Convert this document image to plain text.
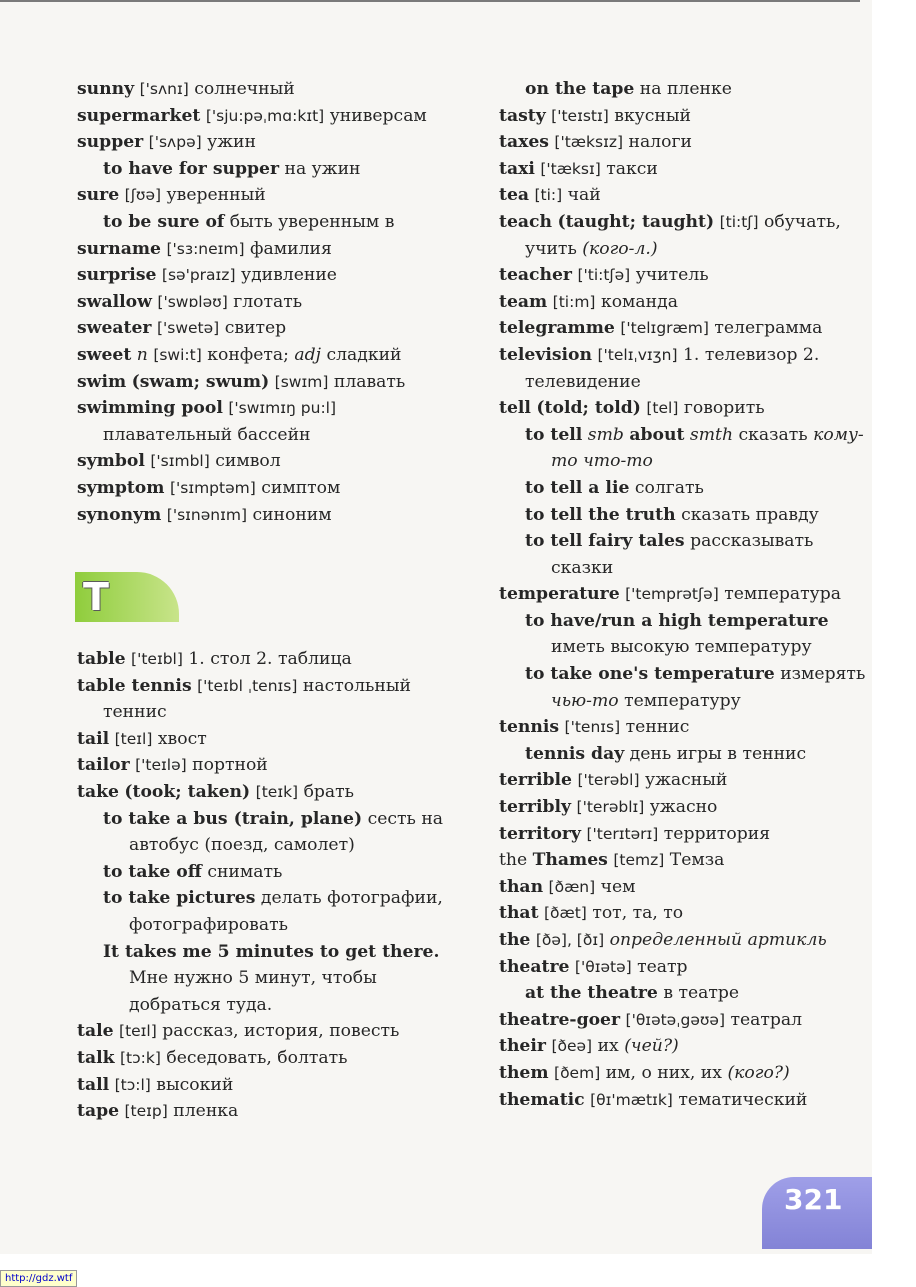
sunny ['sʌnɪ] солнечный

supermarket ['sju:pəˌmɑ:kɪt] универсам

supper ['sʌpə] ужин

to have for supper на ужин

sure [ʃʊə] уверенный

to be sure of быть уверенным в

surname ['sɜ:neɪm] фамилия

surprise [sə'praɪz] удивление

swallow ['swɒləʊ] глотать

sweater ['swetə] свитер

sweet n [swi:t] конфета; adj сладкий

swim (swam; swum) [swɪm] плавать

swimming pool ['swɪmɪŋ pu:l] плавательный бассейн

symbol ['sɪmbl] символ

symptom ['sɪmptəm] симптом

synonym ['sɪnənɪm] синоним

T

table ['teɪbl] 1. стол 2. таблица

table tennis ['teɪbl ˌtenɪs] настольный теннис

tail [teɪl] хвост

tailor ['teɪlə] портной

take (took; taken) [teɪk] брать

to take a bus (train, plane) сесть на автобус (поезд, самолет)

to take off снимать

to take pictures делать фотографии, фотографировать

It takes me 5 minutes to get there. Мне нужно 5 минут, чтобы добраться туда.

tale [teɪl] рассказ, история, повесть

talk [tɔ:k] беседовать, болтать

tall [tɔ:l] высокий

tape [teɪp] пленка

on the tape на пленке

tasty ['teɪstɪ] вкусный

taxes ['tæksɪz] налоги

taxi ['tæksɪ] такси

tea [ti:] чай

teach (taught; taught) [ti:tʃ] обучать, учить (кого-л.)

teacher ['ti:tʃə] учитель

team [ti:m] команда

telegramme ['telɪgræm] телеграмма

television ['telɪˌvɪʒn] 1. телевизор 2. телевидение

tell (told; told) [tel] говорить

to tell smb about smth сказать кому-то что-то

to tell a lie солгать

to tell the truth сказать правду

to tell fairy tales рассказывать сказки

temperature ['temprətʃə] температура

to have/run a high temperature иметь высокую температуру

to take one's temperature измерять чью-то температуру

tennis ['tenɪs] теннис

tennis day день игры в теннис

terrible ['terəbl] ужасный

terribly ['terəblɪ] ужасно

territory ['terɪtərɪ] территория

the Thames [temz] Темза

than [ðæn] чем

that [ðæt] тот, та, то

the [ðə], [ðɪ] определенный артикль

theatre ['θɪətə] театр

at the theatre в театре

theatre-goer ['θɪətəˌgəʊə] театрал

their [ðeə] их (чей?)

them [ðem] им, о них, их (кого?)

thematic [θɪ'mætɪk] тематический

321
http://gdz.wtf
